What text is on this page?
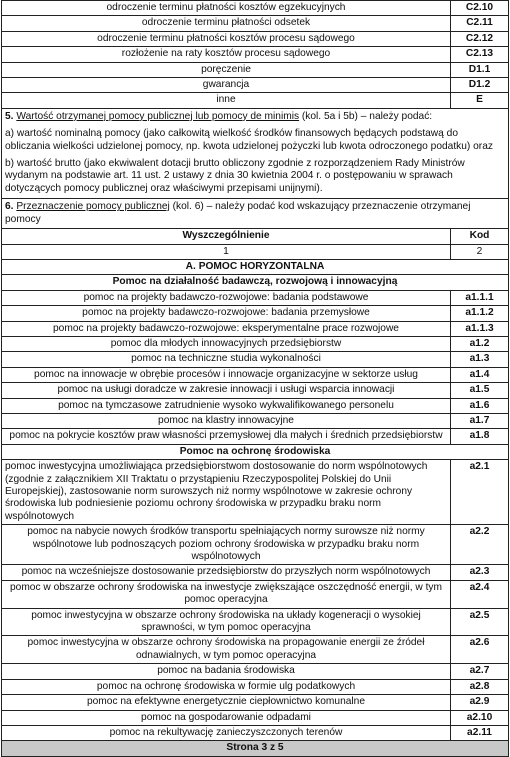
odroczenie terminu płatności kosztów egzekucyjnych	C2.10
odroczenie terminu płatności odsetek	C2.11
odroczenie terminu płatności kosztów procesu sądowego	C2.12
rozłożenie na raty kosztów procesu sądowego	C2.13
poręczenie	D1.1
gwarancja	D1.2
inne	E

5. Wartość otrzymanej pomocy publicznej lub pomocy de minimis (kol. 5a i 5b) – należy podać:

a) wartość nominalną pomocy (jako całkowitą wielkość środków finansowych będących podstawą do obliczania wielkości udzielonej pomocy, np. kwota udzielonej pożyczki lub kwota odroczonego podatku) oraz

b) wartość brutto (jako ekwiwalent dotacji brutto obliczony zgodnie z rozporządzeniem Rady Ministrów wydanym na podstawie art. 11 ust. 2 ustawy z dnia 30 kwietnia 2004 r. o postępowaniu w sprawach dotyczących pomocy publicznej oraz właściwymi przepisami unijnymi).	

6. Przeznaczenie pomocy publicznej (kol. 6) – należy podać kod wskazujący przeznaczenie otrzymanej pomocy	
Wyszczególnienie	Kod
1	2
A. POMOC HORYZONTALNA	
Pomoc na działalność badawczą, rozwojową i innowacyjną	
pomoc na projekty badawczo-rozwojowe: badania podstawowe	a1.1.1
pomoc na projekty badawczo-rozwojowe: badania przemysłowe	a1.1.2
pomoc na projekty badawczo-rozwojowe: eksperymentalne prace rozwojowe	a1.1.3
pomoc dla młodych innowacyjnych przedsiębiorstw	a1.2
pomoc na techniczne studia wykonalności	a1.3
pomoc na innowacje w obrębie procesów i innowacje organizacyjne w sektorze usług	a1.4
pomoc na usługi doradcze w zakresie innowacji i usługi wsparcia innowacji	a1.5
pomoc na tymczasowe zatrudnienie wysoko wykwalifikowanego personelu	a1.6
pomoc na klastry innowacyjne	a1.7
pomoc na pokrycie kosztów praw własności przemysłowej dla małych i średnich przedsiębiorstw	a1.8
Pomoc na ochronę środowiska	
pomoc inwestycyjna umożliwiająca przedsiębiorstwom dostosowanie do norm wspólnotowych (zgodnie z załącznikiem XII Traktatu o przystąpieniu Rzeczypospolitej Polskiej do Unii Europejskiej), zastosowanie norm surowszych niż normy wspólnotowe w zakresie ochrony środowiska lub podniesienie poziomu ochrony środowiska w przypadku braku norm wspólnotowych	a2.1
pomoc na nabycie nowych środków transportu spełniających normy surowsze niż normy wspólnotowe lub podnoszących poziom ochrony środowiska w przypadku braku norm wspólnotowych	a2.2
pomoc na wcześniejsze dostosowanie przedsiębiorstw do przyszłych norm wspólnotowych	a2.3
pomoc w obszarze ochrony środowiska na inwestycje zwiększające oszczędność energii, w tym pomoc operacyjna	a2.4
pomoc inwestycyjna w obszarze ochrony środowiska na układy kogeneracji o wysokiej sprawności, w tym pomoc operacyjna	a2.5
pomoc inwestycyjna w obszarze ochrony środowiska na propagowanie energii ze źródeł odnawialnych, w tym pomoc operacyjna	a2.6
pomoc na badania środowiska	a2.7
pomoc na ochronę środowiska w formie ulg podatkowych	a2.8
pomoc na efektywne energetycznie ciepłownictwo komunalne	a2.9
pomoc na gospodarowanie odpadami	a2.10
pomoc na rekultywację zanieczyszczonych terenów	a2.11
Strona 3 z 5	
